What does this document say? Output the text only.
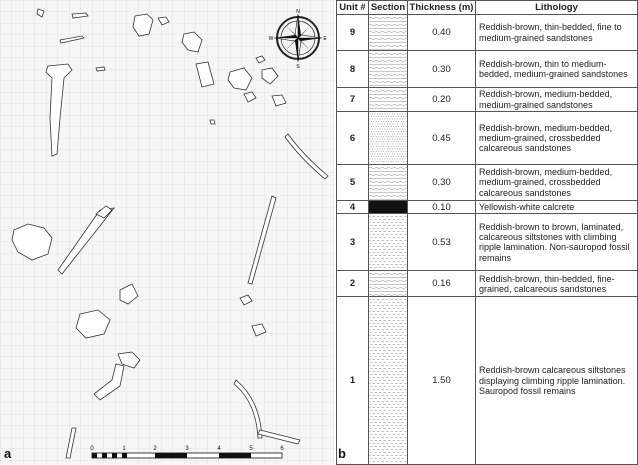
N
S
E
W
0	1	2	3	4	5	6
a
Unit #	Section	Thickness (m)	Lithology
9		0.40	Reddish-brown, thin-bedded, fine to medium-grained sandstones
8		0.30	Reddish-brown, thin to medium-bedded, medium-grained sandstones
7		0.20	Reddish-brown, medium-bedded, medium-grained sandstones
6		0.45	Reddish-brown, medium-bedded, medium-grained, crossbedded calcareous sandstones
5		0.30	Reddish-brown, medium-bedded, medium-grained, crossbedded calcareous sandstones
4		0.10	Yellowish-white calcrete
3		0.53	Reddish-brown to brown, laminated, calcareous siltstones with climbing ripple lamination. Non-sauropod fossil remains
2		0.16	Reddish-brown, thin-bedded, fine-grained, calcareous sandstones
1		1.50	Reddish-brown calcareous siltstones displaying climbing ripple lamination. Sauropod fossil remains
b
